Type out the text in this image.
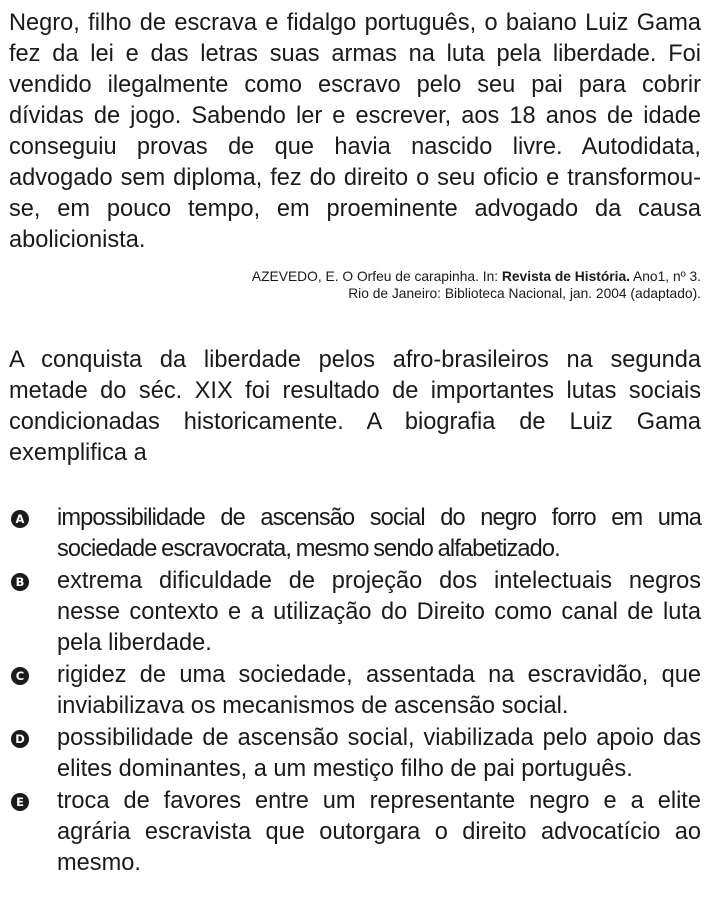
Negro, filho de escrava e fidalgo português, o baiano Luiz Gama fez da lei e das letras suas armas na luta pela liberdade. Foi vendido ilegalmente como escravo pelo seu pai para cobrir dívidas de jogo. Sabendo ler e escrever, aos 18 anos de idade conseguiu provas de que havia nascido livre. Autodidata, advogado sem diploma, fez do direito o seu oficio e transformou-se, em pouco tempo, em proeminente advogado da causa abolicionista.

AZEVEDO, E. O Orfeu de carapinha. In: Revista de História. Ano1, nº 3.
Rio de Janeiro: Biblioteca Nacional, jan. 2004 (adaptado).

A conquista da liberdade pelos afro-brasileiros na segunda metade do séc. XIX foi resultado de importantes lutas sociais condicionadas historicamente. A biografia de Luiz Gama exemplifica a

A impossibilidade de ascensão social do negro forro em uma sociedade escravocrata, mesmo sendo alfabetizado.
B extrema dificuldade de projeção dos intelectuais negros nesse contexto e a utilização do Direito como canal de luta pela liberdade.
C rigidez de uma sociedade, assentada na escravidão, que inviabilizava os mecanismos de ascensão social.
D possibilidade de ascensão social, viabilizada pelo apoio das elites dominantes, a um mestiço filho de pai português.
E troca de favores entre um representante negro e a elite agrária escravista que outorgara o direito advocatício ao mesmo.
